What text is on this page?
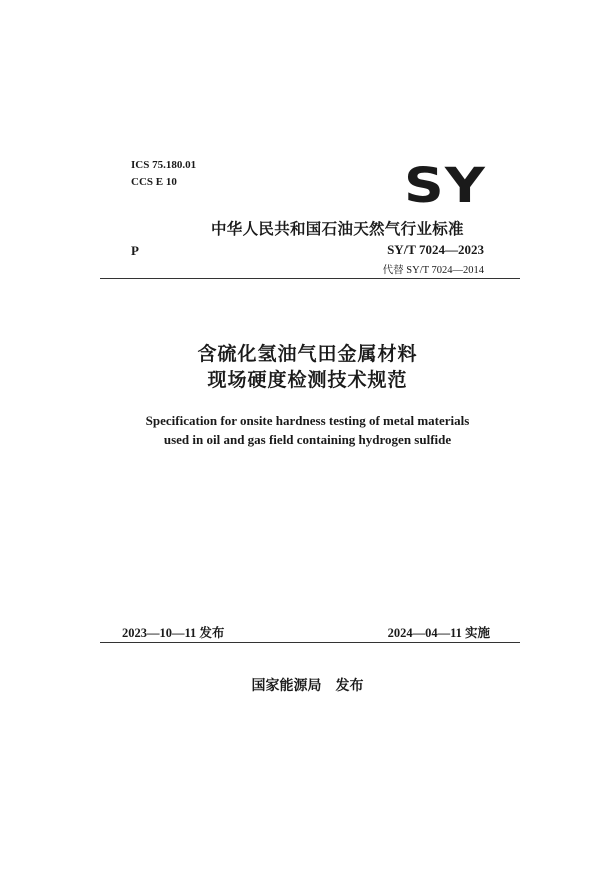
ICS 75.180.01
CCS E 10	SY
中华人民共和国石油天然气行业标准
P	SY/T 7024—2023
代替 SY/T 7024—2014
含硫化氢油气田金属材料
现场硬度检测技术规范
Specification for onsite hardness testing of metal materials
used in oil and gas field containing hydrogen sulfide
2023—10—11 发布	2024—04—11 实施
国家能源局 发布
